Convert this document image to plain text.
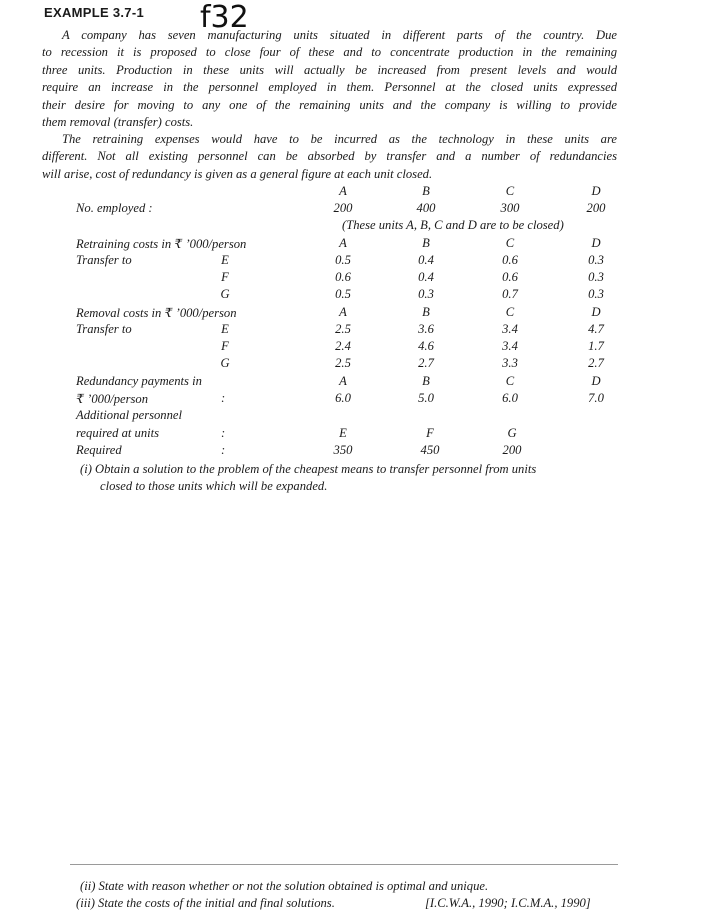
EXAMPLE 3.7-1 f32
A company has seven manufacturing units situated in different parts of the country. Due
to recession it is proposed to close four of these and to concentrate production in the remaining
three units. Production in these units will actually be increased from present levels and would
require an increase in the personnel employed in them. Personnel at the closed units expressed
their desire for moving to any one of the remaining units and the company is willing to provide
them removal (transfer) costs.
The retraining expenses would have to be incurred as the technology in these units are
different. Not all existing personnel can be absorbed by transfer and a number of redundancies
will arise, cost of redundancy is given as a general figure at each unit closed.
A	B	C	D
No. employed :	200	400	300	200
(These units A, B, C and D are to be closed)
Retraining costs in ₹ ’000/person	A	B	C	D
Transfer to	E	0.5	0.4	0.6	0.3
F	0.6	0.4	0.6	0.3
G	0.5	0.3	0.7	0.3
Removal costs in ₹ ’000/person	A	B	C	D
Transfer to	E	2.5	3.6	3.4	4.7
F	2.4	4.6	3.4	1.7
G	2.5	2.7	3.3	2.7
Redundancy payments in	A	B	C	D
₹ ’000/person	:	6.0	5.0	6.0	7.0
Additional personnel
required at units	:	E	F	G
Required	:	350	450	200
(i) Obtain a solution to the problem of the cheapest means to transfer personnel from units
closed to those units which will be expanded.
(ii) State with reason whether or not the solution obtained is optimal and unique.
(iii) State the costs of the initial and final solutions.	[I.C.W.A., 1990; I.C.M.A., 1990]
